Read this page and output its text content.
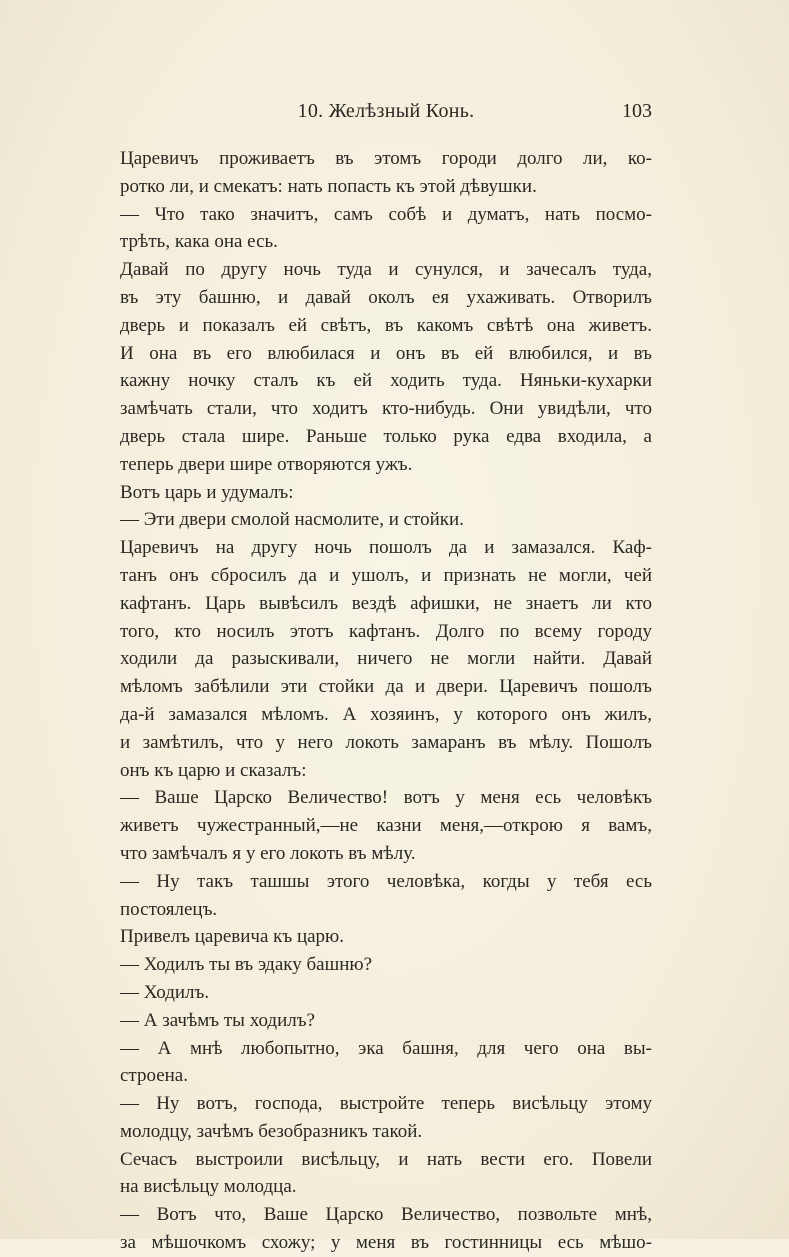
10. Желѣзный Конь.	103
Царевичъ проживаетъ въ этомъ городи долго ли, ко-
ротко ли, и смекатъ: нать попасть къ этой дѣвушки.
— Что тако значитъ, самъ собѣ и думатъ, нать посмо-
трѣть, кака она есь.
Давай по другу ночь туда и сунулся, и зачесалъ туда,
въ эту башню, и давай околъ ея ухаживать. Отворилъ
дверь и показалъ ей свѣтъ, въ какомъ свѣтѣ она живетъ.
И она въ его влюбилася и онъ въ ей влюбился, и въ
кажну ночку сталъ къ ей ходить туда. Няньки-кухарки
замѣчать стали, что ходитъ кто-нибудь. Они увидѣли, что
дверь стала шире. Раньше только рука едва входила, а
теперь двери шире отворяются ужъ.
Вотъ царь и удумалъ:
— Эти двери смолой насмолите, и стойки.
Царевичъ на другу ночь пошолъ да и замазался. Каф-
танъ онъ сбросилъ да и ушолъ, и признать не могли, чей
кафтанъ. Царь вывѣсилъ вездѣ афишки, не знаетъ ли кто
того, кто носилъ этотъ кафтанъ. Долго по всему городу
ходили да разыскивали, ничего не могли найти. Давай
мѣломъ забѣлили эти стойки да и двери. Царевичъ пошолъ
да-й замазался мѣломъ. А хозяинъ, у которого онъ жилъ,
и замѣтилъ, что у него локоть замаранъ въ мѣлу. Пошолъ
онъ къ царю и сказалъ:
— Ваше Царско Величество! вотъ у меня есь человѣкъ
живетъ чужестранный,—не казни меня,—открою я вамъ,
что замѣчалъ я у его локоть въ мѣлу.
— Ну такъ ташшы этого человѣка, когды у тебя есь
постоялецъ.
Привелъ царевича къ царю.
— Ходилъ ты въ эдаку башню?
— Ходилъ.
— А зачѣмъ ты ходилъ?
— А мнѣ любопытно, эка башня, для чего она вы-
строена.
— Ну вотъ, господа, выстройте теперь висѣльцу этому
молодцу, зачѣмъ безобразникъ такой.
Сечасъ выстроили висѣльцу, и нать вести его. Повели
на висѣльцу молодца.
— Вотъ что, Ваше Царско Величество, позвольте мнѣ,
за мѣшочкомъ схожу; у меня въ гостинницы есь мѣшо-
